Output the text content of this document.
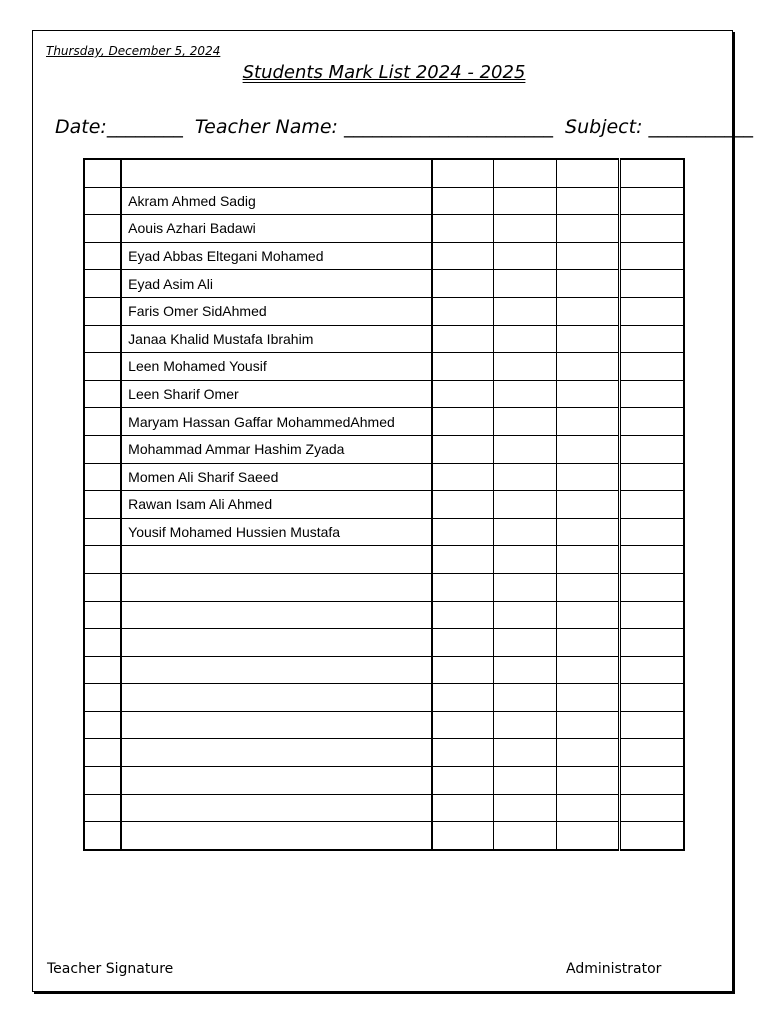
Thursday, December 5, 2024
Students Mark List 2024 - 2025
Date:________ Teacher Name: ______________________ Subject: ___________

	Akram Ahmed Sadig				
	Aouis Azhari Badawi				
	Eyad Abbas Eltegani Mohamed				
	Eyad Asim Ali				
	Faris Omer SidAhmed				
	Janaa Khalid Mustafa Ibrahim				
	Leen Mohamed Yousif				
	Leen Sharif Omer				
	Maryam Hassan Gaffar MohammedAhmed				
	Mohammad Ammar Hashim Zyada				
	Momen Ali Sharif Saeed				
	Rawan Isam Ali Ahmed				
	Yousif Mohamed Hussien Mustafa				

Teacher Signature	Administrator
